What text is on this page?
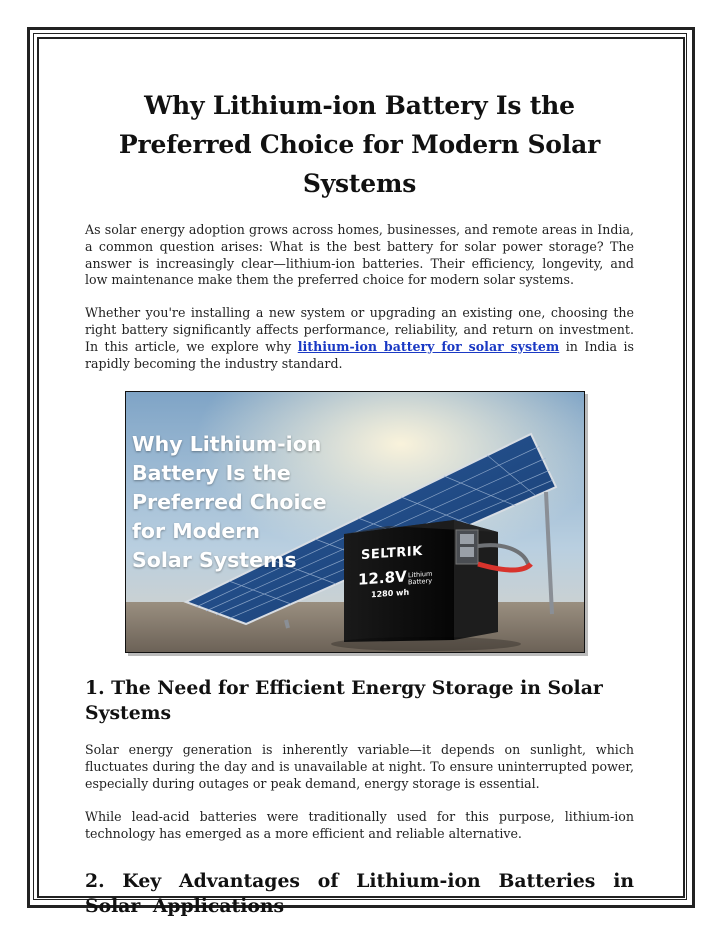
Why Lithium-ion Battery Is the Preferred Choice for Modern Solar Systems

As solar energy adoption grows across homes, businesses, and remote areas in India, a common question arises: What is the best battery for solar power storage? The answer is increasingly clear—lithium-ion batteries. Their efficiency, longevity, and low maintenance make them the preferred choice for modern solar systems.

Whether you're installing a new system or upgrading an existing one, choosing the right battery significantly affects performance, reliability, and return on investment. In this article, we explore why lithium-ion battery for solar system in India is rapidly becoming the industry standard.

Why Lithium-ion
Battery Is the
Preferred Choice
for Modern
Solar Systems	SELTRIK
12.8V Lithium
Battery
1280 wh
1. The Need for Efficient Energy Storage in Solar Systems

Solar energy generation is inherently variable—it depends on sunlight, which fluctuates during the day and is unavailable at night. To ensure uninterrupted power, especially during outages or peak demand, energy storage is essential.

While lead-acid batteries were traditionally used for this purpose, lithium-ion technology has emerged as a more efficient and reliable alternative.

2. Key Advantages of Lithium-ion Batteries in Solar Applications
